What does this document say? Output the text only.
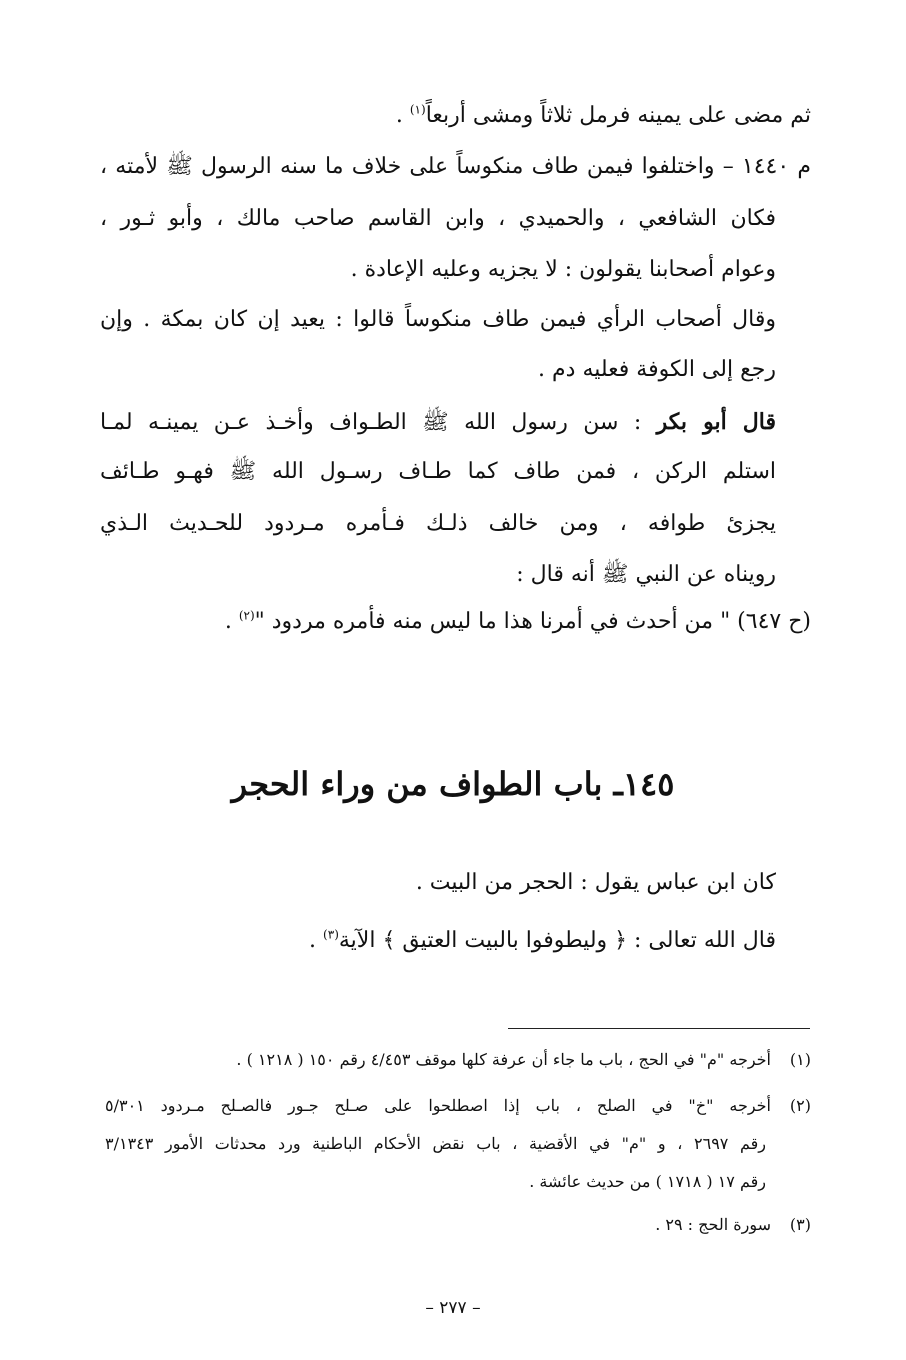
ثم مضى على يمينه فرمل ثلاثاً ومشى أربعاً$^{(١)}$ .
م ١٤٤٠ – واختلفوا فيمن طاف منكوساً على خلاف ما سنه الرسول ﷺ لأمته ،
فكان الشافعي ، والحميدي ، وابن القاسم صاحب مالك ، وأبو ثـور ،
وعوام أصحابنا يقولون : لا يجزيه وعليه الإعادة .
وقال أصحاب الرأي فيمن طاف منكوساً قالوا : يعيد إن كان بمكة . وإن
رجع إلى الكوفة فعليه دم .
قال أبو بكر : سن رسول الله ﷺ الطـواف وأخـذ عـن يمينـه لمـا
استلم الركن ، فمن طاف كما طـاف رسـول الله ﷺ فهـو طـائف
يجزئ طوافه ، ومن خالف ذلـك فـأمره مـردود للحـديث الـذي
رويناه عن النبي ﷺ أنه قال :
(ح ٦٤٧) " من أحدث في أمرنا هذا ما ليس منه فأمره مردود "$^{(٢)}$ .
١٤٥ـ باب الطواف من وراء الحجر
كان ابن عباس يقول : الحجر من البيت .
قال الله تعالى : ﴿ وليطوفوا بالبيت العتيق ﴾ الآية$^{(٣)}$ .
(١)أخرجه "م" في الحج ، باب ما جاء أن عرفة كلها موقف ٤/٤٥٣ رقم ١٥٠ ( ١٢١٨ ) .
(٢)أخرجه "خ" في الصلح ، باب إذا اصطلحوا على صـلح جـور فالصـلح مـردود ٥/٣٠١
رقم ٢٦٩٧ ، و "م" في الأقضية ، باب نقض الأحكام الباطنية ورد محدثات الأمور ٣/١٣٤٣
رقم ١٧ ( ١٧١٨ ) من حديث عائشة .
(٣)سورة الحج : ٢٩ .
– ٢٧٧ –
